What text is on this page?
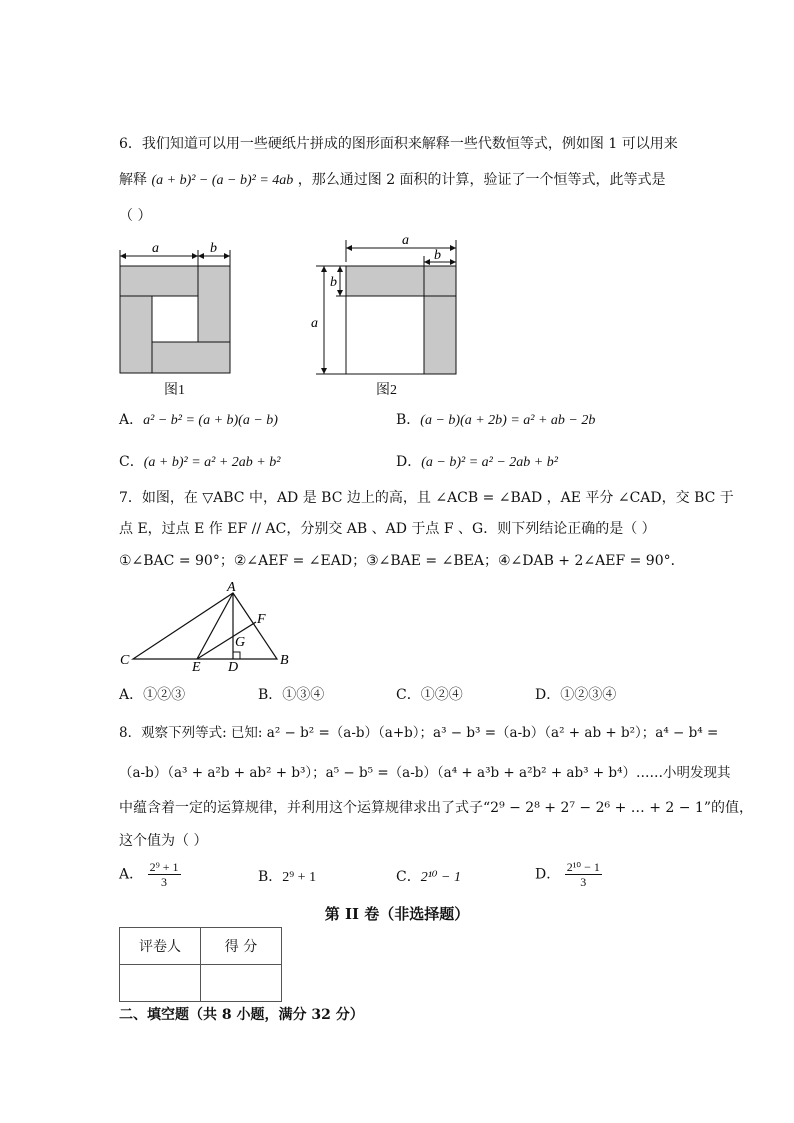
6．我们知道可以用一些硬纸片拼成的图形面积来解释一些代数恒等式，例如图 1 可以用来
解释 (a + b)² − (a − b)² = 4ab ，那么通过图 2 面积的计算，验证了一个恒等式，此等式是
（ ）
a	b
图1
a
b
a
b
图2
A．a² − b² = (a + b)(a − b)	B．(a − b)(a + 2b) = a² + ab − 2b
C．(a + b)² = a² + 2ab + b²	D．(a − b)² = a² − 2ab + b²
7．如图，在 ▽ABC 中，AD 是 BC 边上的高，且 ∠ACB = ∠BAD ，AE 平分 ∠CAD，交 BC 于
点 E，过点 E 作 EF // AC，分别交 AB 、AD 于点 F 、G．则下列结论正确的是（ ）
①∠BAC = 90°；②∠AEF = ∠EAD；③∠BAE = ∠BEA；④∠DAB + 2∠AEF = 90°．
A
B
C	D
E
F
G
A．①②③	B．①③④	C．①②④	D．①②③④
8．观察下列等式: 已知: a² − b² =（a-b）（a+b）；a³ − b³ =（a-b）（a² + ab + b²）；a⁴ − b⁴ =
（a-b）（a³ + a²b + ab² + b³）；a⁵ − b⁵ =（a-b）（a⁴ + a³b + a²b² + ab³ + b⁴）……小明发现其
中蕴含着一定的运算规律，并利用这个运算规律求出了式子“2⁹ − 2⁸ + 2⁷ − 2⁶ + … + 2 − 1”的值，
这个值为（ ）
A． $\frac{\text{2⁹ + 1}}{3}$	B．2⁹ + 1	C．2¹⁰ − 1	D． $\frac{\text{2¹⁰ − 1}}{3}$
第 II 卷（非选择题）
评卷人	得 分

二、填空题（共 8 小题，满分 32 分）
